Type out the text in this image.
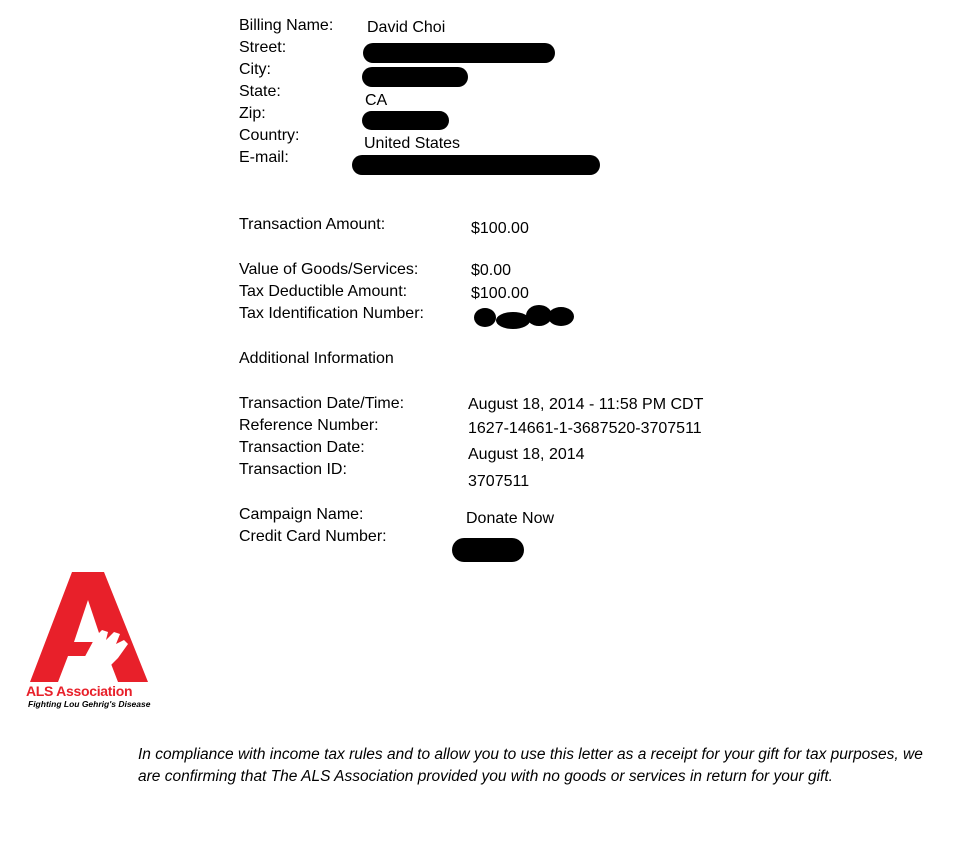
Billing Name: David Choi
Street:
City:
State:
CA
Zip:
Country:	United States
E-mail:
Transaction Amount:	$100.00
Value of Goods/Services:	$0.00
Tax Deductible Amount:	$100.00
Tax Identification Number:
Additional Information
Transaction Date/Time:	August 18, 2014 - 11:58 PM CDT
Reference Number:	1627-14661-1-3687520-3707511
Transaction Date:	August 18, 2014
Transaction ID:
3707511
Campaign Name:	Donate Now
Credit Card Number:
ALS Association
Fighting Lou Gehrig's Disease
In compliance with income tax rules and to allow you to use this letter as a receipt for your gift for tax purposes, we are confirming that The ALS Association provided you with no goods or services in return for your gift.
